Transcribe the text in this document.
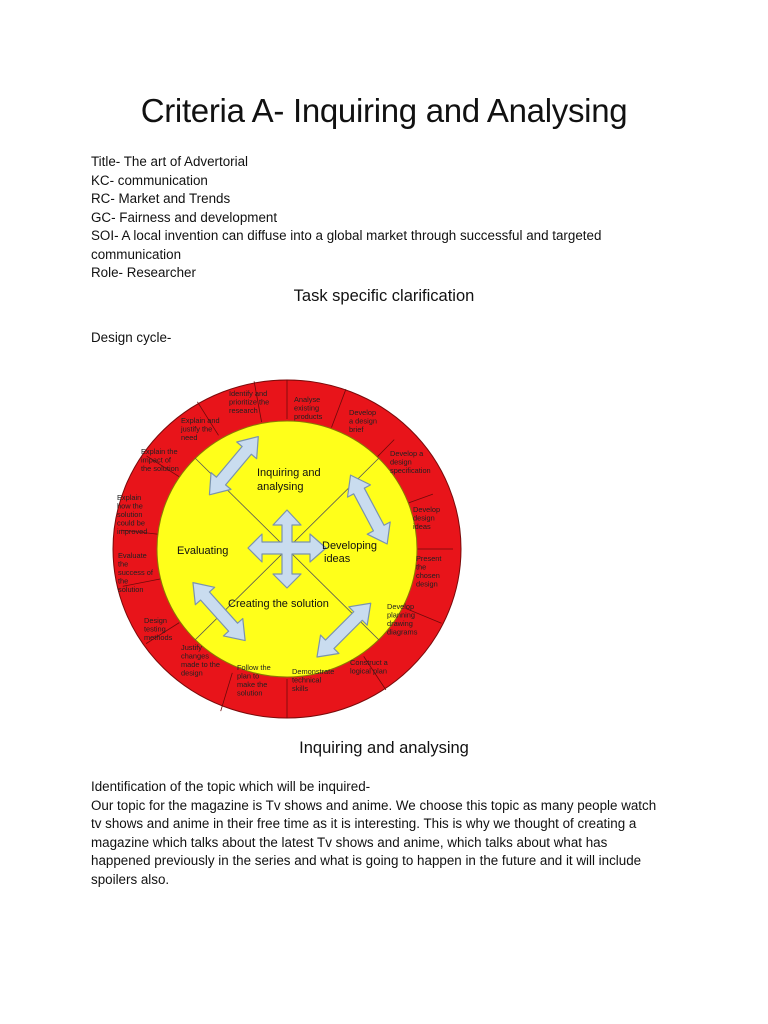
Criteria A- Inquiring and Analysing
Title- The art of Advertorial
KC- communication
RC- Market and Trends
GC- Fairness and development
SOI- A local invention can diffuse into a global market through successful and targeted
communication
Role- Researcher
Task specific clarification
Design cycle-
Inquiring and
analysing
Developing
ideas
Evaluating
Creating the solution
Identify and prioritize the research
Analyse existing products	Develop a design brief
Develop a design specification
Develop design ideas
Present the chosen design
Develop planning drawing diagrams
Construct a logical plan
Demonstrate technical skills
Follow the plan to make the solution
Justify changes made to the design
Design testing methods
Evaluate the success of the solution
Explain how the solution could be improved
Explain the impact of the solution
Explain and justify the need
Inquiring and analysing
Identification of the topic which will be inquired-
Our topic for the magazine is Tv shows and anime. We choose this topic as many people watch
tv shows and anime in their free time as it is interesting. This is why we thought of creating a
magazine which talks about the latest Tv shows and anime, which talks about what has
happened previously in the series and what is going to happen in the future and it will include
spoilers also.
